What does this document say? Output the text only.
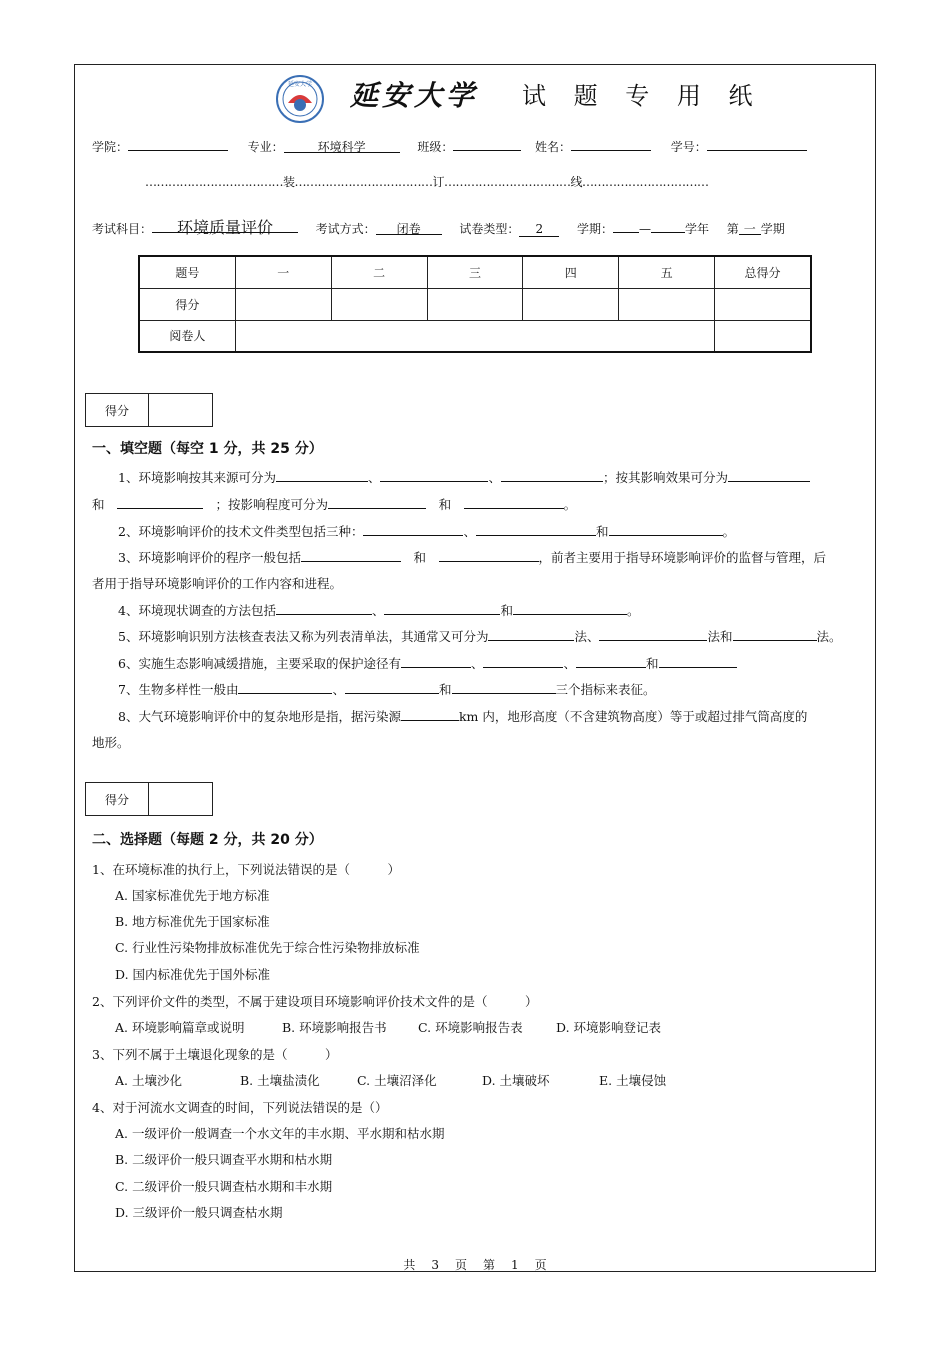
延安大学 延安大学 试 题 专 用 纸
学院：	专业：	环境科学	班级：	姓名：	学号：
………………………………装………………………………订……………………………线……………………………
考试科目： 环境质量评价	考试方式： 闭卷	试卷类型： 2	学期： —	学年 第 一 学期
题号	一	二	三	四	五	总得分
得分						
阅卷人						
得分
一、填空题（每空 1 分，共 25 分）
1、环境影响按其来源可分为	、	、	；按其影响效果可分为
和　　	；按影响程度可分为　	和　	。
2、环境影响评价的技术文件类型包括三种：	、	和	。
3、环境影响评价的程序一般包括　	和　	，前者主要用于指导环境影响评价的监督与管理，后
者用于指导环境影响评价的工作内容和进程。
4、环境现状调查的方法包括	、	和	。
5、环境影响识别方法核查表法又称为列表清单法，其通常又可分为	法、	法和	法。
6、实施生态影响减缓措施，主要采取的保护途径有	、	、	和
7、生物多样性一般由	、	和	三个指标来表征。
8、大气环境影响评价中的复杂地形是指，据污染源	km 内，地形高度（不含建筑物高度）等于或超过排气筒高度的
地形。
得分
二、选择题（每题 2 分，共 20 分）
1、在环境标准的执行上，下列说法错误的是（　　　）
A. 国家标准优先于地方标准
B. 地方标准优先于国家标准
C. 行业性污染物排放标准优先于综合性污染物排放标准
D. 国内标准优先于国外标准
2、下列评价文件的类型，不属于建设项目环境影响评价技术文件的是（　　　）
A. 环境影响篇章或说明	B. 环境影响报告书	C. 环境影响报告表	D. 环境影响登记表
3、下列不属于土壤退化现象的是（　　　）
A. 土壤沙化	B. 土壤盐渍化	C. 土壤沼泽化	D. 土壤破坏	E. 土壤侵蚀
4、对于河流水文调查的时间，下列说法错误的是（）
A. 一级评价一般调查一个水文年的丰水期、平水期和枯水期
B. 二级评价一般只调查平水期和枯水期
C. 二级评价一般只调查枯水期和丰水期
D. 三级评价一般只调查枯水期
共　3　页　第　1　页
